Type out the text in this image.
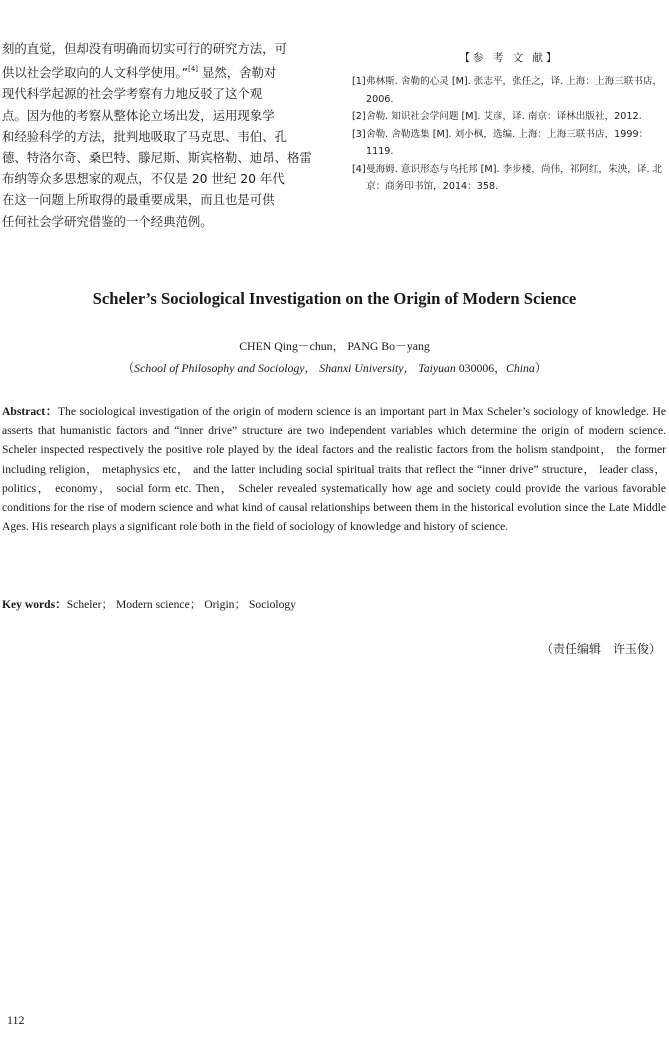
刻的直觉，但却没有明确而切实可行的研究方法，可
供以社会学取向的人文科学使用。”[4] 显然，舍勒对
现代科学起源的社会学考察有力地反驳了这个观
点。因为他的考察从整体论立场出发，运用现象学
和经验科学的方法，批判地吸取了马克思、韦伯、孔
德、特洛尔奇、桑巴特、滕尼斯、斯宾格勒、迪昂、格雷
布纳等众多思想家的观点，不仅是 20 世纪 20 年代
在这一问题上所取得的最重要成果，而且也是可供
任何社会学研究借鉴的一个经典范例。
【参 考 文 献】
[1] 弗林斯. 舍勒的心灵 [M]. 张志平，张任之，译. 上海：上海三联书店，2006.
[2] 舍勒. 知识社会学问题 [M]. 艾彦，译. 南京：译林出版社，2012.
[3] 舍勒. 舍勒选集 [M]. 刘小枫，选编. 上海：上海三联书店，1999：1119.
[4] 曼海姆. 意识形态与乌托邦 [M]. 李步楼，尚伟，祁阿红，朱泱，译. 北京：商务印书馆，2014：358.
Scheler’s Sociological Investigation on the Origin of Modern Science
CHEN Qing－chun， PANG Bo－yang
（School of Philosophy and Sociology， Shanxi University， Taiyuan 030006，China）
Abstract：The sociological investigation of the origin of modern science is an important part in Max Scheler’s sociology of knowledge. He asserts that humanistic factors and “inner drive” structure are two independent variables which determine the origin of modern science. Scheler inspected respectively the positive role played by the ideal factors and the realistic factors from the holism standpoint， the former including religion， metaphysics etc， and the latter including social spiritual traits that reflect the “inner drive” structure， leader class， politics， economy， social form etc. Then， Scheler revealed systematically how age and society could provide the various favorable conditions for the rise of modern science and what kind of causal relationships between them in the historical evolution since the Late Middle Ages. His research plays a significant role both in the field of sociology of knowledge and history of science.
Key words：Scheler； Modern science； Origin； Sociology
（责任编辑　许玉俊）
112
